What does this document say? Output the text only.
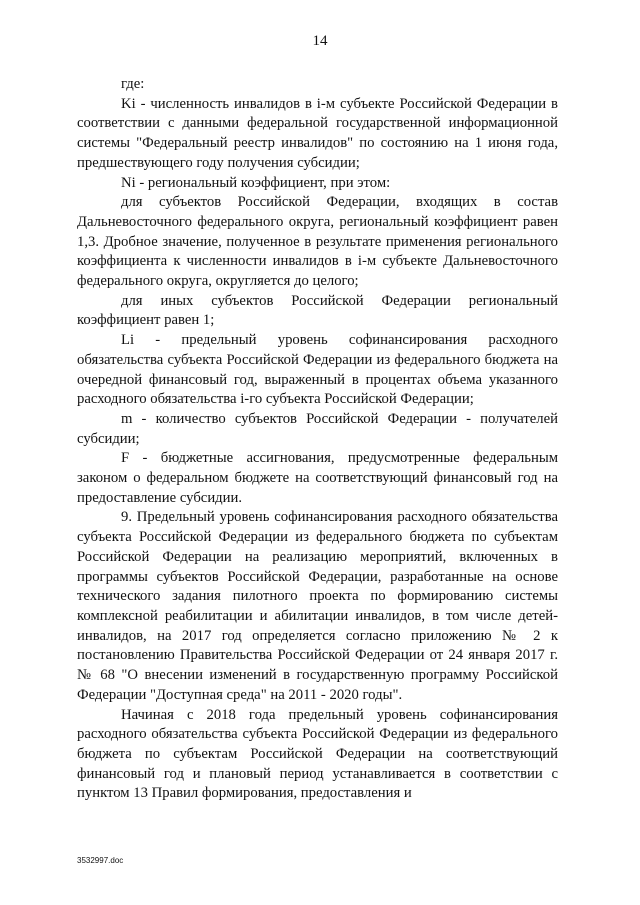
14

где:

Ki - численность инвалидов в i-м субъекте Российской Федерации в соответствии с данными федеральной государственной информационной системы "Федеральный реестр инвалидов" по состоянию на 1 июня года, предшествующего году получения субсидии;

Ni - региональный коэффициент, при этом:

для субъектов Российской Федерации, входящих в состав Дальневосточного федерального округа, региональный коэффициент равен 1,3. Дробное значение, полученное в результате применения регионального коэффициента к численности инвалидов в i-м субъекте Дальневосточного федерального округа, округляется до целого;

для иных субъектов Российской Федерации региональный коэффициент равен 1;

Li - предельный уровень софинансирования расходного обязательства субъекта Российской Федерации из федерального бюджета на очередной финансовый год, выраженный в процентах объема указанного расходного обязательства i-го субъекта Российской Федерации;

m - количество субъектов Российской Федерации - получателей субсидии;

F - бюджетные ассигнования, предусмотренные федеральным законом о федеральном бюджете на соответствующий финансовый год на предоставление субсидии.

9. Предельный уровень софинансирования расходного обязательства субъекта Российской Федерации из федерального бюджета по субъектам Российской Федерации на реализацию мероприятий, включенных в программы субъектов Российской Федерации, разработанные на основе технического задания пилотного проекта по формированию системы комплексной реабилитации и абилитации инвалидов, в том числе детей-инвалидов, на 2017 год определяется согласно приложению № 2 к постановлению Правительства Российской Федерации от 24 января 2017 г. № 68 "О внесении изменений в государственную программу Российской Федерации "Доступная среда" на 2011 - 2020 годы".

Начиная с 2018 года предельный уровень софинансирования расходного обязательства субъекта Российской Федерации из федерального бюджета по субъектам Российской Федерации на соответствующий финансовый год и плановый период устанавливается в соответствии с пунктом 13 Правил формирования, предоставления и

3532997.doc
